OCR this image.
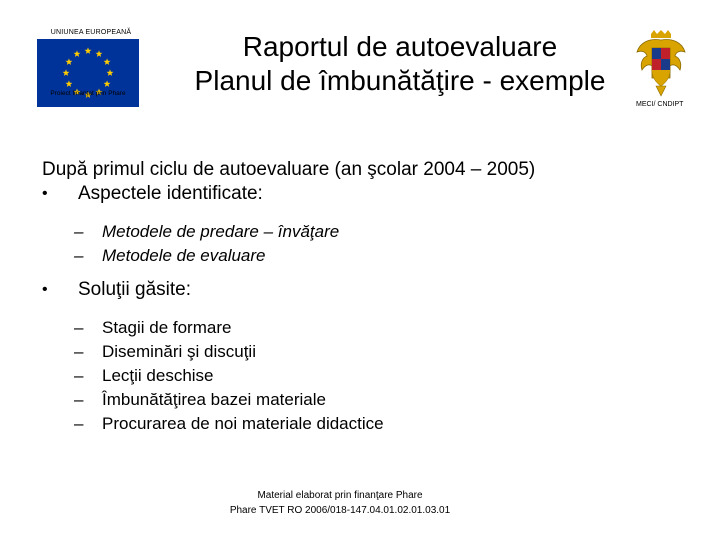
UNIUNEA EUROPEANĂ
Proiect finanţat prin Phare
Raportul de autoevaluare
Planul de îmbunătăţire - exemple
MECI/ CNDIPT
După primul ciclu de autoevaluare (an şcolar 2004 – 2005)
• Aspectele identificate:
– Metodele de predare – învăţare
– Metodele de evaluare
• Soluţii găsite:
– Stagii de formare
– Diseminări şi discuţii
– Lecţii deschise
– Îmbunătăţirea bazei materiale
– Procurarea de noi materiale didactice
Material elaborat prin finanţare Phare
Phare TVET RO 2006/018-147.04.01.02.01.03.01
